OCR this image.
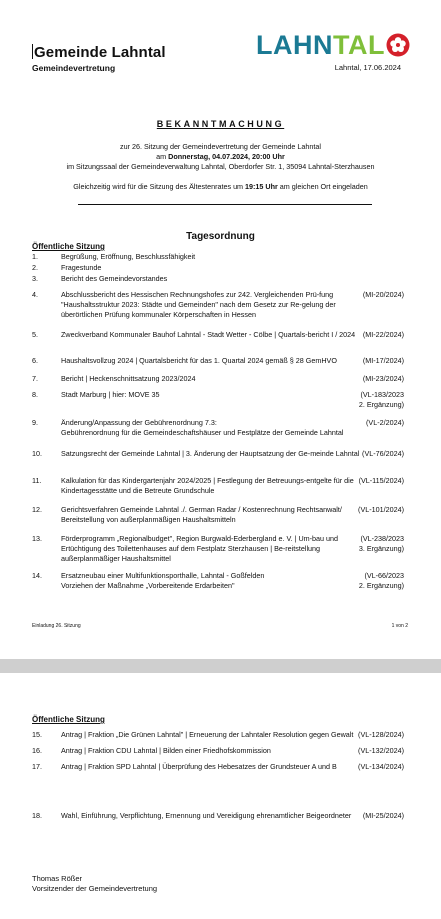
Gemeinde Lahntal
Gemeindevertretung
LAHNTAL
Lahntal, 17.06.2024
BEKANNTMACHUNG
zur 26. Sitzung der Gemeindevertretung der Gemeinde Lahntal
am Donnerstag, 04.07.2024, 20:00 Uhr
im Sitzungssaal der Gemeindeverwaltung Lahntal, Oberdorfer Str. 1, 35094 Lahntal-Sterzhausen
Gleichzeitig wird für die Sitzung des Ältestenrates um 19:15 Uhr am gleichen Ort eingeladen
Tagesordnung
Öffentliche Sitzung
1.	Begrüßung, Eröffnung, Beschlussfähigkeit
2.	Fragestunde
3.	Bericht des Gemeindevorstandes
4.	Abschlussbericht des Hessischen Rechnungshofes zur 242. Vergleichenden Prü-fung "Haushaltsstruktur 2023: Städte und Gemeinden" nach dem Gesetz zur Re-gelung der überörtlichen Prüfung kommunaler Körperschaften in Hessen
(MI-20/2024)
5.	Zweckverband Kommunaler Bauhof Lahntal - Stadt Wetter - Cölbe | Quartals-bericht I / 2024	(MI-22/2024)
6.	Haushaltsvollzug 2024 | Quartalsbericht für das 1. Quartal 2024 gemäß § 28 GemHVO	(MI-17/2024)
7.	Bericht | Heckenschnittsatzung 2023/2024	(MI-23/2024)
8.	Stadt Marburg | hier: MOVE 35	(VL-183/2023
2. Ergänzung)
9.	Änderung/Anpassung der Gebührenordnung 7.3:
Gebührenordnung für die Gemeindeschaftshäuser und Festplätze der Gemeinde Lahntal
(VL-2/2024)
10.	Satzungsrecht der Gemeinde Lahntal | 3. Änderung der Hauptsatzung der Ge-meinde Lahntal (VL-76/2024)
11.	Kalkulation für das Kindergartenjahr 2024/2025 | Festlegung der Betreuungs-entgelte für die Kindertagesstätte und die Betreute Grundschule
(VL-115/2024)
12.	Gerichtsverfahren Gemeinde Lahntal ./. German Radar / Kostenrechnung Rechtsanwalt/ Bereitstellung von außerplanmäßigen Haushaltsmitteln
(VL-101/2024)
13.	Förderprogramm „Regionalbudget", Region Burgwald-Ederbergland e. V. | Um-bau und Ertüchtigung des Toilettenhauses auf dem Festplatz Sterzhausen | Be-reitstellung außerplanmäßiger Haushaltsmittel
(VL-238/2023
3. Ergänzung)
14.	Ersatzneubau einer Multifunktionsporthalle, Lahntal - Goßfelden
Vorziehen der Maßnahme „Vorbereitende Erdarbeiten"
(VL-66/2023
2. Ergänzung)
Einladung 26. Sitzung	1 von 2
15.	Antrag | Fraktion „Die Grünen Lahntal" | Erneuerung der Lahntaler Resolution gegen Gewalt (VL-128/2024)
16.	Antrag | Fraktion CDU Lahntal | Bilden einer Friedhofskommission	(VL-132/2024)
17.	Antrag | Fraktion SPD Lahntal | Überprüfung des Hebesatzes der Grundsteuer A und B	(VL-134/2024)
18.	Wahl, Einführung, Verpflichtung, Ernennung und Vereidigung ehrenamtlicher Beigeordneter	(MI-25/2024)
Öffentliche Sitzung
Thomas Rößer
Vorsitzender der Gemeindevertretung
